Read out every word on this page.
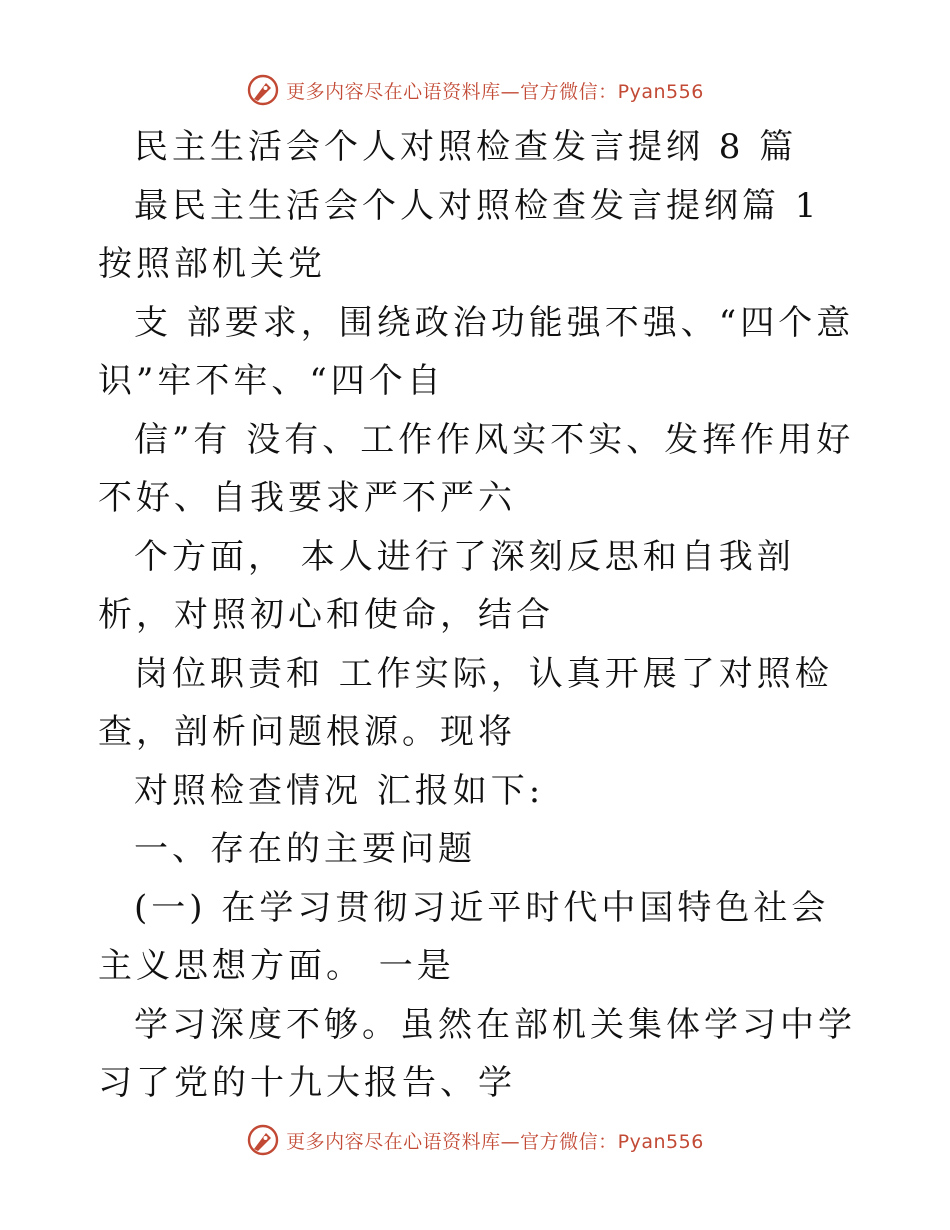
更多内容尽在心语资料库—官方微信：Pyan556

民主生活会个人对照检查发言提纲 8 篇

最民主生活会个人对照检查发言提纲篇 1 按照部机关党

支 部要求，围绕政治功能强不强、“四个意识”牢不牢、“四个自

信”有 没有、工作作风实不实、发挥作用好不好、自我要求严不严六

个方面， 本人进行了深刻反思和自我剖析，对照初心和使命，结合

岗位职责和 工作实际，认真开展了对照检查，剖析问题根源。现将

对照检查情况 汇报如下:

一、存在的主要问题

(一) 在学习贯彻习近平时代中国特色社会主义思想方面。 一是

学习深度不够。虽然在部机关集体学习中学习了党的十九大报告、学

更多内容尽在心语资料库—官方微信：Pyan556
